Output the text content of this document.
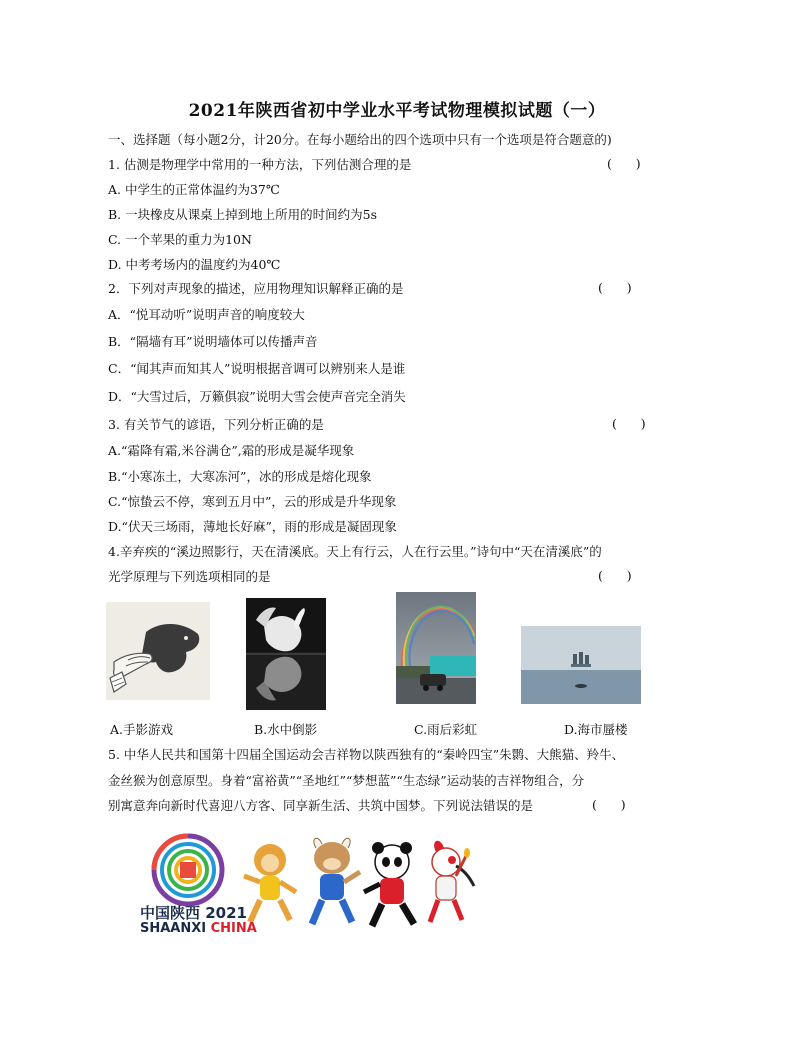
2021年陕西省初中学业水平考试物理模拟试题（一）
一、选择题（每小题2分，计20分。在每小题给出的四个选项中只有一个选项是符合题意的)
1. 估测是物理学中常用的一种方法，下列估测合理的是	(      )
A. 中学生的正常体温约为37℃
B. 一块橡皮从课桌上掉到地上所用的时间约为5s
C. 一个苹果的重力为10N
D. 中考考场内的温度约为40℃
2．下列对声现象的描述，应用物理知识解释正确的是	(      )
A．“悦耳动听”说明声音的响度较大
B．“隔墙有耳”说明墙体可以传播声音
C．“闻其声而知其人”说明根据音调可以辨别来人是谁
D．“大雪过后，万籁俱寂”说明大雪会使声音完全消失
3. 有关节气的谚语，下列分析正确的是	(      )
A.“霜降有霜,米谷满仓”,霜的形成是凝华现象
B.“小寒冻土，大寒冻河”，冰的形成是熔化现象
C.“惊蛰云不停，寒到五月中”，云的形成是升华现象
D.“伏天三场雨，薄地长好麻”，雨的形成是凝固现象
4.辛弃疾的“溪边照影行，天在清溪底。天上有行云，人在行云里。”诗句中“天在清溪底”的
光学原理与下列选项相同的是	(      )
A.手影游戏	B.水中倒影	C.雨后彩虹	D.海市蜃楼
5. 中华人民共和国第十四届全国运动会吉祥物以陕西独有的“秦岭四宝”朱鹮、大熊猫、羚牛、
金丝猴为创意原型。身着“富裕黄”“圣地红”“梦想蓝”“生态绿”运动装的吉祥物组合，分
别寓意奔向新时代喜迎八方客、同享新生活、共筑中国梦。下列说法错误的是	(      )
中国陕西 2021
SHAANXI CHINA
